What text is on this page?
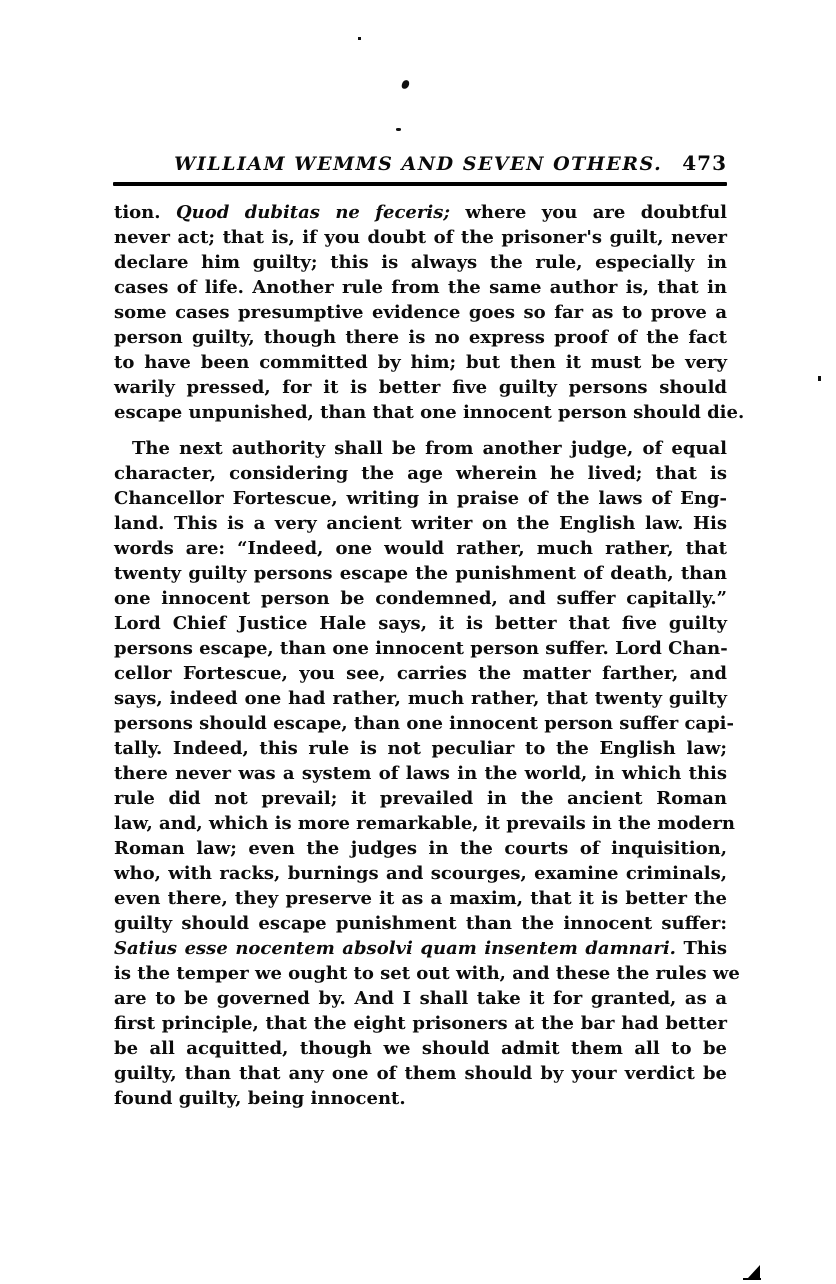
WILLIAM WEMMS AND SEVEN OTHERS.	473
tion. Quod dubitas ne feceris; where you are doubtful
never act; that is, if you doubt of the prisoner's guilt, never
declare him guilty; this is always the rule, especially in
cases of life. Another rule from the same author is, that in
some cases presumptive evidence goes so far as to prove a
person guilty, though there is no express proof of the fact
to have been committed by him; but then it must be very
warily pressed, for it is better five guilty persons should
escape unpunished, than that one innocent person should die.
The next authority shall be from another judge, of equal
character, considering the age wherein he lived; that is
Chancellor Fortescue, writing in praise of the laws of Eng-
land. This is a very ancient writer on the English law. His
words are: “Indeed, one would rather, much rather, that
twenty guilty persons escape the punishment of death, than
one innocent person be condemned, and suffer capitally.”
Lord Chief Justice Hale says, it is better that five guilty
persons escape, than one innocent person suffer. Lord Chan-
cellor Fortescue, you see, carries the matter farther, and
says, indeed one had rather, much rather, that twenty guilty
persons should escape, than one innocent person suffer capi-
tally. Indeed, this rule is not peculiar to the English law;
there never was a system of laws in the world, in which this
rule did not prevail; it prevailed in the ancient Roman
law, and, which is more remarkable, it prevails in the modern
Roman law; even the judges in the courts of inquisition,
who, with racks, burnings and scourges, examine criminals,
even there, they preserve it as a maxim, that it is better the
guilty should escape punishment than the innocent suffer:
Satius esse nocentem absolvi quam insentem damnari. This
is the temper we ought to set out with, and these the rules we
are to be governed by. And I shall take it for granted, as a
first principle, that the eight prisoners at the bar had better
be all acquitted, though we should admit them all to be
guilty, than that any one of them should by your verdict be
found guilty, being innocent.
